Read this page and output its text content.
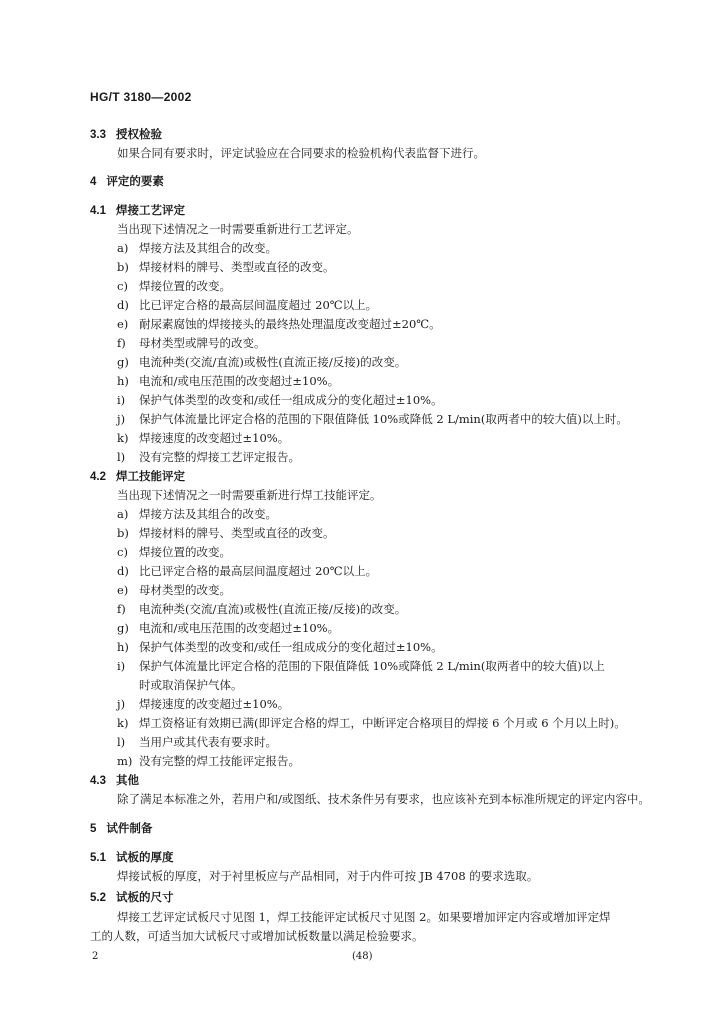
HG/T 3180—2002
3.3 授权检验
如果合同有要求时，评定试验应在合同要求的检验机构代表监督下进行。
4 评定的要素
4.1 焊接工艺评定
当出现下述情况之一时需要重新进行工艺评定。
a) 焊接方法及其组合的改变。
b) 焊接材料的牌号、类型或直径的改变。
c) 焊接位置的改变。
d) 比已评定合格的最高层间温度超过 20℃以上。
e) 耐尿素腐蚀的焊接接头的最终热处理温度改变超过±20℃。
f) 母材类型或牌号的改变。
g) 电流种类(交流/直流)或极性(直流正接/反接)的改变。
h) 电流和/或电压范围的改变超过±10%。
i) 保护气体类型的改变和/或任一组成成分的变化超过±10%。
j) 保护气体流量比评定合格的范围的下限值降低 10%或降低 2 L/min(取两者中的较大值)以上时。
k) 焊接速度的改变超过±10%。
l) 没有完整的焊接工艺评定报告。
4.2 焊工技能评定
当出现下述情况之一时需要重新进行焊工技能评定。
a) 焊接方法及其组合的改变。
b) 焊接材料的牌号、类型或直径的改变。
c) 焊接位置的改变。
d) 比已评定合格的最高层间温度超过 20℃以上。
e) 母材类型的改变。
f) 电流种类(交流/直流)或极性(直流正接/反接)的改变。
g) 电流和/或电压范围的改变超过±10%。
h) 保护气体类型的改变和/或任一组成成分的变化超过±10%。
i) 保护气体流量比评定合格的范围的下限值降低 10%或降低 2 L/min(取两者中的较大值)以上
时或取消保护气体。
j) 焊接速度的改变超过±10%。
k) 焊工资格证有效期已满(即评定合格的焊工，中断评定合格项目的焊接 6 个月或 6 个月以上时)。
l) 当用户或其代表有要求时。
m) 没有完整的焊工技能评定报告。
4.3 其他
除了满足本标准之外，若用户和/或图纸、技术条件另有要求，也应该补充到本标准所规定的评定内容中。
5 试件制备
5.1 试板的厚度
焊接试板的厚度，对于衬里板应与产品相同，对于内件可按 JB 4708 的要求选取。
5.2 试板的尺寸
焊接工艺评定试板尺寸见图 1，焊工技能评定试板尺寸见图 2。如果要增加评定内容或增加评定焊
工的人数，可适当加大试板尺寸或增加试板数量以满足检验要求。
2	(48)
